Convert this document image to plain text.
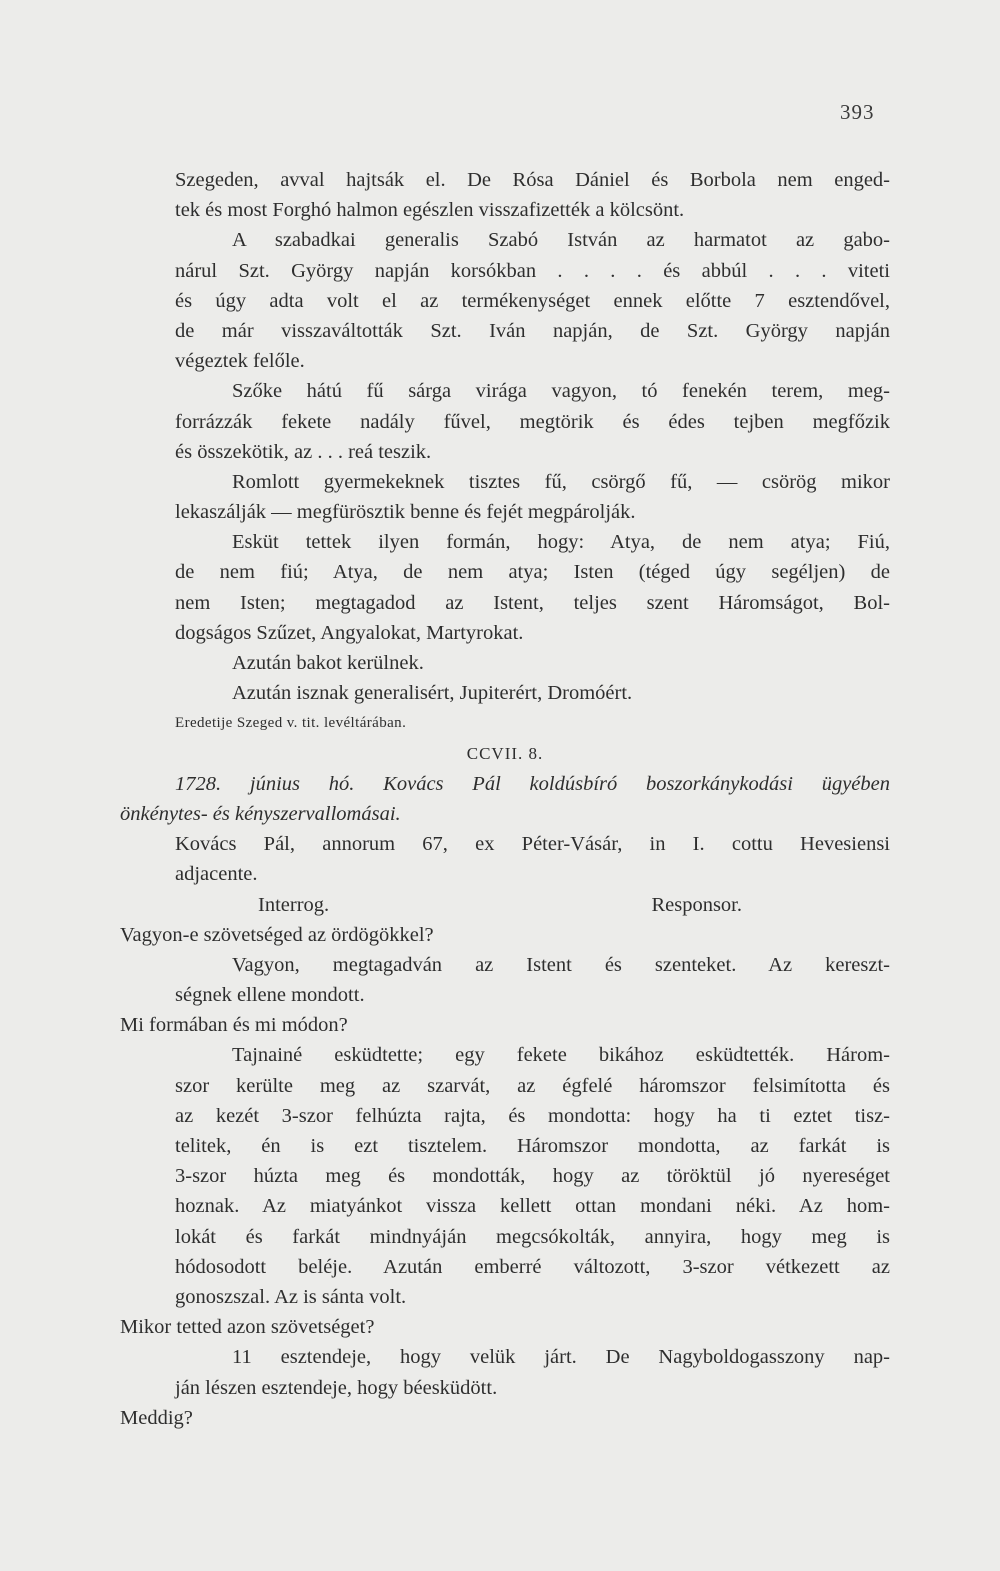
393
Szegeden, avval hajtsák el. De Rósa Dániel és Borbola nem enged-
tek és most Forghó halmon egészlen visszafizették a kölcsönt.
A szabadkai generalis Szabó István az harmatot az gabo-
nárul Szt. György napján korsókban . . . . és abbúl . . . viteti
és úgy adta volt el az termékenységet ennek előtte 7 esztendővel,
de már visszaváltották Szt. Iván napján, de Szt. György napján
végeztek felőle.
Szőke hátú fű sárga virága vagyon, tó fenekén terem, meg-
forrázzák fekete nadály fűvel, megtörik és édes tejben megfőzik
és összekötik, az . . . reá teszik.
Romlott gyermekeknek tisztes fű, csörgő fű, — csörög mikor
lekaszálják — megfürösztik benne és fejét megpárolják.
Esküt tettek ilyen formán, hogy: Atya, de nem atya; Fiú,
de nem fiú; Atya, de nem atya; Isten (téged úgy segéljen) de
nem Isten; megtagadod az Istent, teljes szent Háromságot, Bol-
dogságos Szűzet, Angyalokat, Martyrokat.
Azután bakot kerülnek.
Azután isznak generalisért, Jupiterért, Dromóért.
Eredetije Szeged v. tit. levéltárában.
CCVII. 8.
1728. június hó. Kovács Pál koldúsbíró boszorkánykodási ügyében
önkénytes- és kényszervallomásai.
Kovács Pál, annorum 67, ex Péter-Vásár, in I. cottu Hevesiensi
adjacente.
Interrog.	Responsor.
Vagyon-e szövetséged az ördögökkel?
Vagyon, megtagadván az Istent és szenteket. Az kereszt-
ségnek ellene mondott.
Mi formában és mi módon?
Tajnainé esküdtette; egy fekete bikához esküdtették. Három-
szor kerülte meg az szarvát, az égfelé háromszor felsimította és
az kezét 3-szor felhúzta rajta, és mondotta: hogy ha ti eztet tisz-
telitek, én is ezt tisztelem. Háromszor mondotta, az farkát is
3-szor húzta meg és mondották, hogy az töröktül jó nyereséget
hoznak. Az miatyánkot vissza kellett ottan mondani néki. Az hom-
lokát és farkát mindnyáján megcsókolták, annyira, hogy meg is
hódosodott beléje. Azután emberré változott, 3-szor vétkezett az
gonoszszal. Az is sánta volt.
Mikor tetted azon szövetséget?
11 esztendeje, hogy velük járt. De Nagyboldogasszony nap-
ján lészen esztendeje, hogy béesküdött.
Meddig?
